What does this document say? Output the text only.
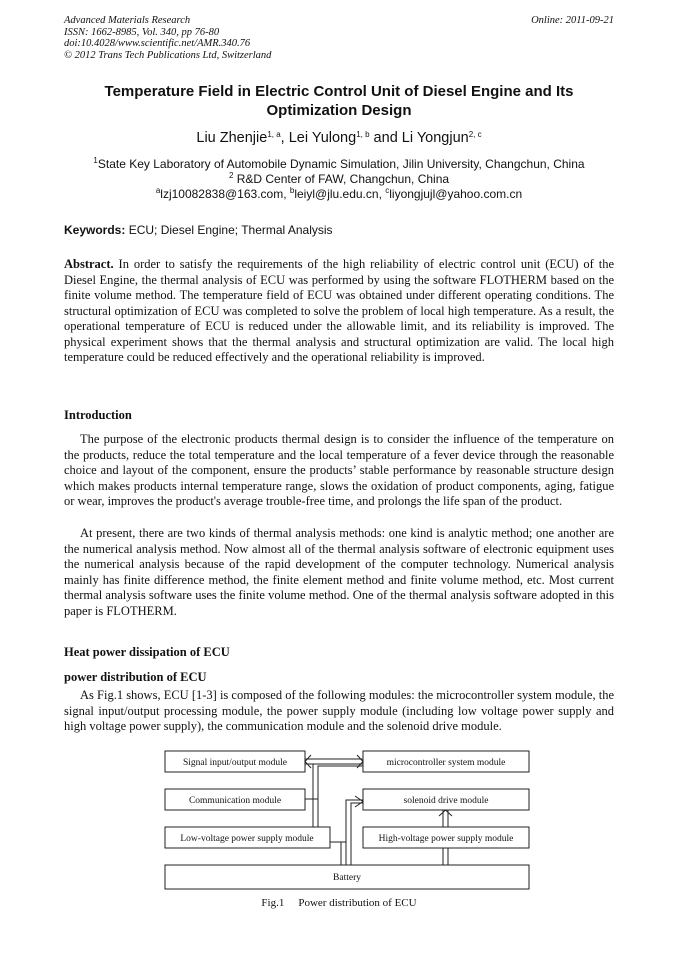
Advanced Materials Research
ISSN: 1662-8985, Vol. 340, pp 76-80
doi:10.4028/www.scientific.net/AMR.340.76
© 2012 Trans Tech Publications Ltd, Switzerland
Online: 2011-09-21
Temperature Field in Electric Control Unit of Diesel Engine and Its
Optimization Design
Liu Zhenjie$^{1, a}$, Lei Yulong$^{1, b}$ and Li Yongjun$^{2, c}$
$^1$State Key Laboratory of Automobile Dynamic Simulation, Jilin University, Changchun, China
$^2$ R&D Center of FAW, Changchun, China
$^a$lzj10082838@163.com, $^b$leiyl@jlu.edu.cn, $^c$liyongjujl@yahoo.com.cn
Keywords: ECU; Diesel Engine; Thermal Analysis

Abstract. In order to satisfy the requirements of the high reliability of electric control unit (ECU) of the Diesel Engine, the thermal analysis of ECU was performed by using the software FLOTHERM based on the finite volume method. The temperature field of ECU was obtained under different operating conditions. The structural optimization of ECU was completed to solve the problem of local high temperature. As a result, the operational temperature of ECU is reduced under the allowable limit, and its reliability is improved. The physical experiment shows that the thermal analysis and structural optimization are valid. The local high temperature could be reduced effectively and the operational reliability is improved.

Introduction

The purpose of the electronic products thermal design is to consider the influence of the temperature on the products, reduce the total temperature and the local temperature of a fever device through the reasonable choice and layout of the component, ensure the products’ stable performance by reasonable structure design which makes products internal temperature range, slows the oxidation of product components, aging, fatigue or wear, improves the product's average trouble-free time, and prolongs the life span of the product.

At present, there are two kinds of thermal analysis methods: one kind is analytic method; one another are the numerical analysis method. Now almost all of the thermal analysis software of electronic equipment uses the numerical analysis because of the rapid development of the computer technology. Numerical analysis mainly has finite difference method, the finite element method and finite volume method, etc. Most current thermal analysis software uses the finite volume method. One of the thermal analysis software adopted in this paper is FLOTHERM.

Heat power dissipation of ECU

power distribution of ECU

As Fig.1 shows, ECU [1-3] is composed of the following modules: the microcontroller system module, the signal input/output processing module, the power supply module (including low voltage power supply and high voltage power supply), the communication module and the solenoid drive module.

Signal input/output module	microcontroller system module
Communication module	solenoid drive module
Low-voltage power supply module	High-voltage power supply module
Battery
Fig.1 Power distribution of ECU
